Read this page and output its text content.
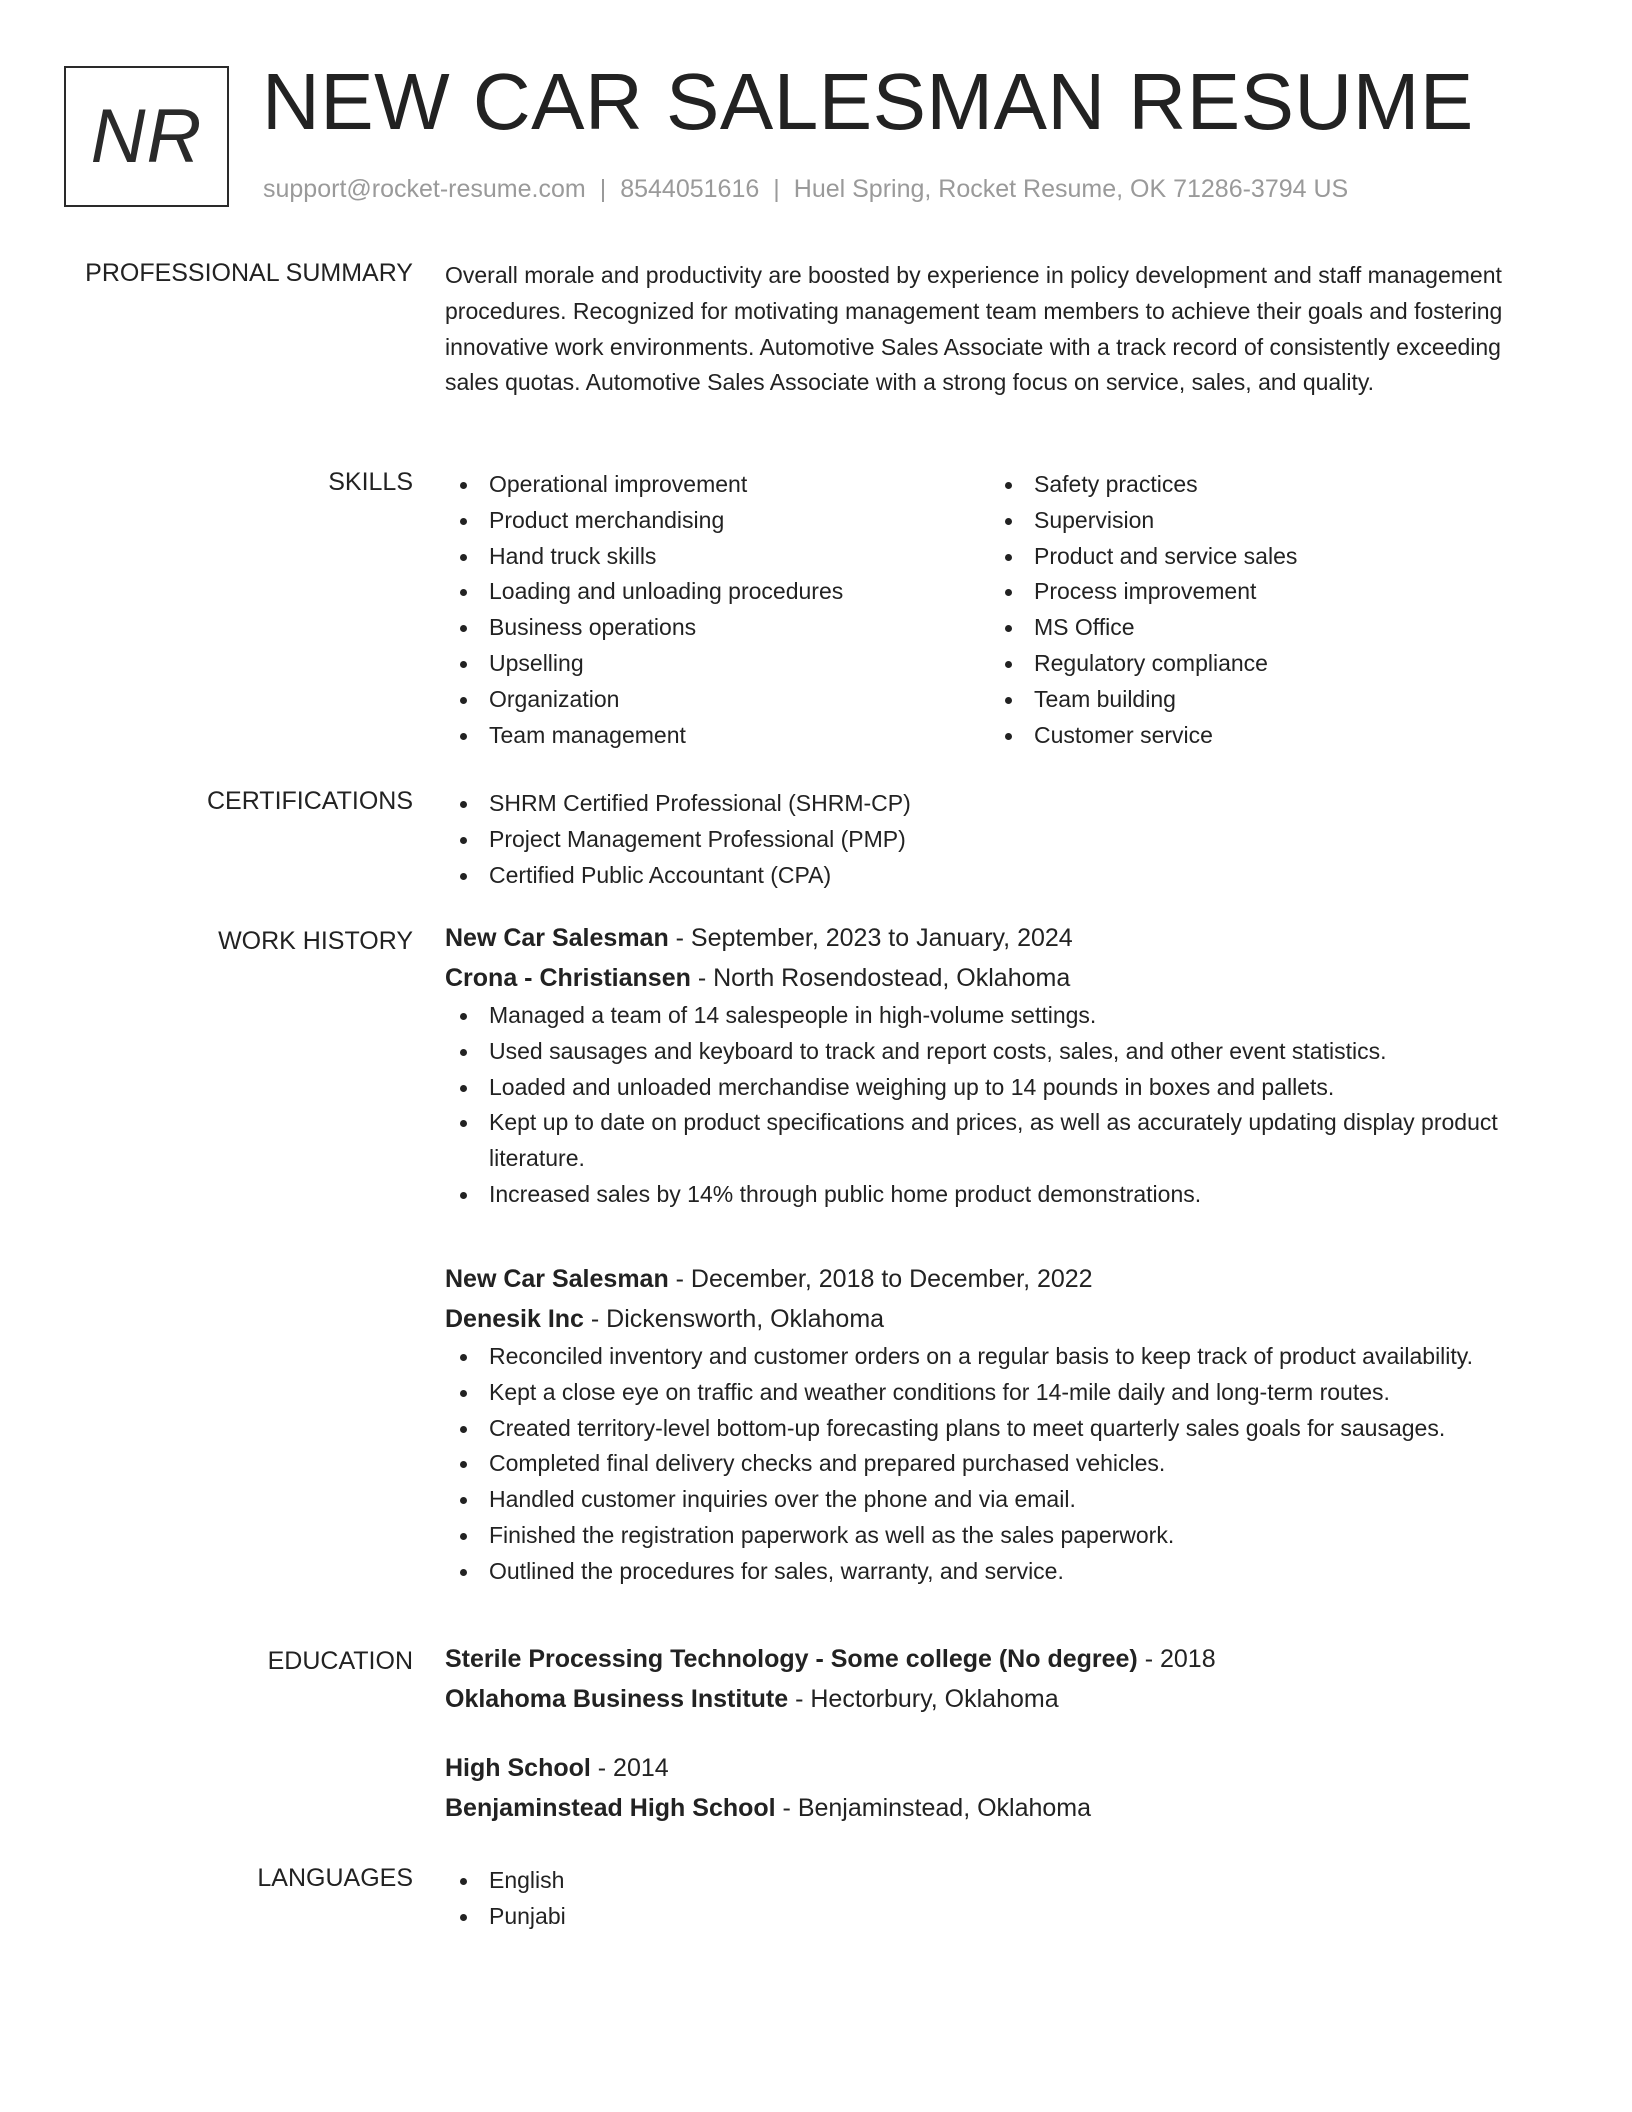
NR NEW CAR SALESMAN RESUME
support@rocket-resume.com | 8544051616 | Huel Spring, Rocket Resume, OK 71286-3794 US
PROFESSIONAL SUMMARY Overall morale and productivity are boosted by experience in policy development and staff management procedures. Recognized for motivating management team members to achieve their goals and fostering innovative work environments. Automotive Sales Associate with a track record of consistently exceeding sales quotas. Automotive Sales Associate with a strong focus on service, sales, and quality.

SKILLS	Operational improvement
Product merchandising
Hand truck skills
Loading and unloading procedures
Business operations
Upselling
Organization
Team management
Safety practices
Supervision
Product and service sales
Process improvement
MS Office
Regulatory compliance
Team building
Customer service
CERTIFICATIONS	SHRM Certified Professional (SHRM-CP)
Project Management Professional (PMP)
Certified Public Accountant (CPA)
WORK HISTORY New Car Salesman - September, 2023 to January, 2024
Crona - Christiansen - North Rosendostead, Oklahoma
Managed a team of 14 salespeople in high-volume settings.
Used sausages and keyboard to track and report costs, sales, and other event statistics.
Loaded and unloaded merchandise weighing up to 14 pounds in boxes and pallets.
Kept up to date on product specifications and prices, as well as accurately updating display product literature.
Increased sales by 14% through public home product demonstrations.
New Car Salesman - December, 2018 to December, 2022
Denesik Inc - Dickensworth, Oklahoma
Reconciled inventory and customer orders on a regular basis to keep track of product availability.
Kept a close eye on traffic and weather conditions for 14-mile daily and long-term routes.
Created territory-level bottom-up forecasting plans to meet quarterly sales goals for sausages.
Completed final delivery checks and prepared purchased vehicles.
Handled customer inquiries over the phone and via email.
Finished the registration paperwork as well as the sales paperwork.
Outlined the procedures for sales, warranty, and service.
EDUCATION Sterile Processing Technology - Some college (No degree) - 2018
Oklahoma Business Institute - Hectorbury, Oklahoma
High School - 2014
Benjaminstead High School - Benjaminstead, Oklahoma
LANGUAGES	English
Punjabi
